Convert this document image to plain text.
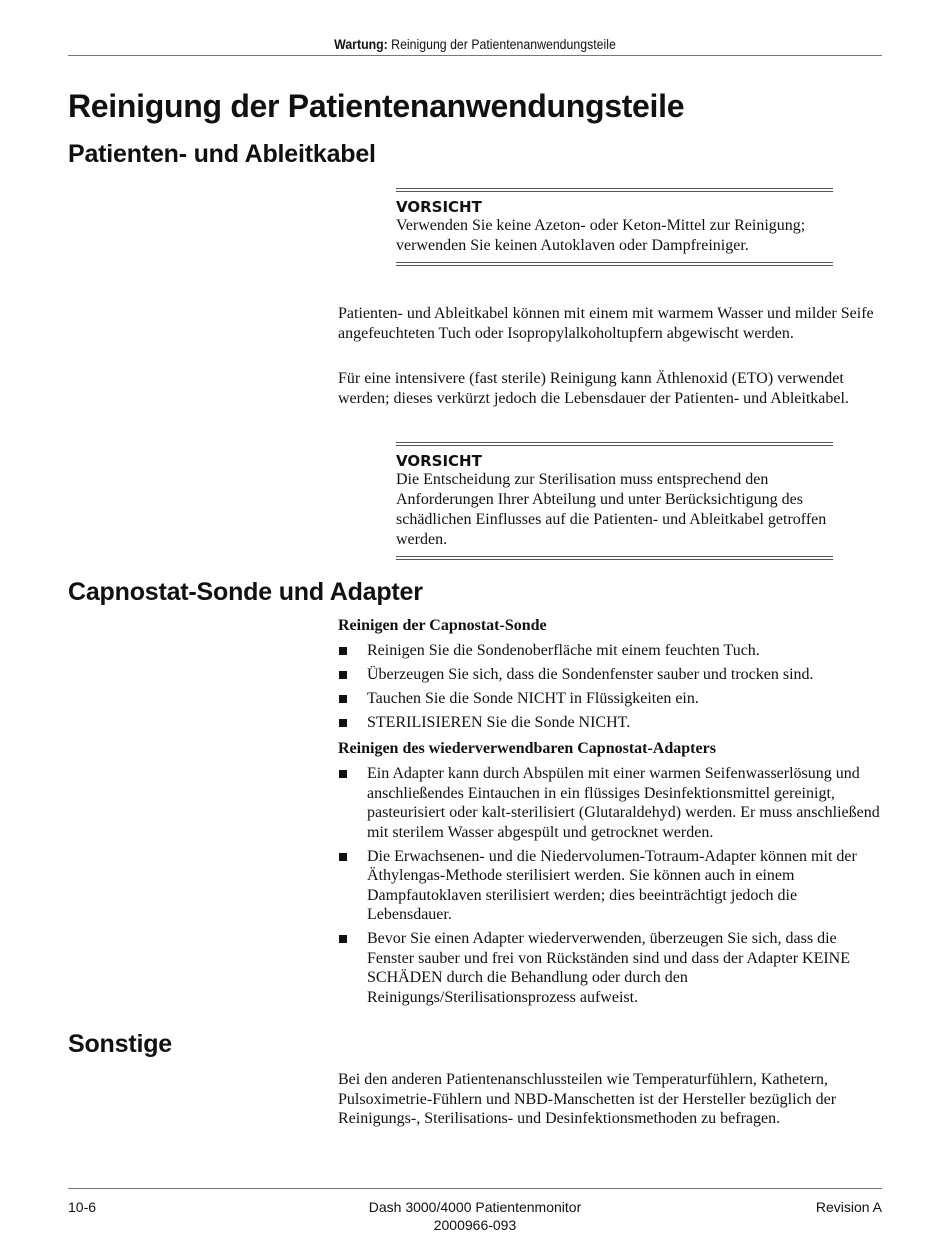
Wartung: Reinigung der Patientenanwendungsteile
Reinigung der Patientenanwendungsteile
Patienten- und Ableitkabel
VORSICHT
Verwenden Sie keine Azeton- oder Keton-Mittel zur Reinigung; verwenden Sie keinen Autoklaven oder Dampfreiniger.

Patienten- und Ableitkabel können mit einem mit warmem Wasser und milder Seife angefeuchteten Tuch oder Isopropylalkoholtupfern abgewischt werden.

Für eine intensivere (fast sterile) Reinigung kann Äthlenoxid (ETO) verwendet werden; dieses verkürzt jedoch die Lebensdauer der Patienten- und Ableitkabel.

VORSICHT
Die Entscheidung zur Sterilisation muss entsprechend den Anforderungen Ihrer Abteilung und unter Berücksichtigung des schädlichen Einflusses auf die Patienten- und Ableitkabel getroffen werden.
Capnostat-Sonde und Adapter

Reinigen der Capnostat-Sonde

Reinigen Sie die Sondenoberfläche mit einem feuchten Tuch.
Überzeugen Sie sich, dass die Sondenfenster sauber und trocken sind.
Tauchen Sie die Sonde NICHT in Flüssigkeiten ein.
STERILISIEREN Sie die Sonde NICHT.

Reinigen des wiederverwendbaren Capnostat-Adapters

Ein Adapter kann durch Abspülen mit einer warmen Seifenwasserlösung und anschließendes Eintauchen in ein flüssiges Desinfektionsmittel gereinigt, pasteurisiert oder kalt-sterilisiert (Glutaraldehyd) werden. Er muss anschließend mit sterilem Wasser abgespült und getrocknet werden.
Die Erwachsenen- und die Niedervolumen-Totraum-Adapter können mit der Äthylengas-Methode sterilisiert werden. Sie können auch in einem Dampfautoklaven sterilisiert werden; dies beeinträchtigt jedoch die Lebensdauer.
Bevor Sie einen Adapter wiederverwenden, überzeugen Sie sich, dass die Fenster sauber und frei von Rückständen sind und dass der Adapter KEINE SCHÄDEN durch die Behandlung oder durch den Reinigungs/Sterilisationsprozess aufweist.
Sonstige

Bei den anderen Patientenanschlussteilen wie Temperaturfühlern, Kathetern, Pulsoximetrie-Fühlern und NBD-Manschetten ist der Hersteller bezüglich der Reinigungs-, Sterilisations- und Desinfektionsmethoden zu befragen.

10-6	Dash 3000/4000 Patientenmonitor
2000966-093
Revision A
